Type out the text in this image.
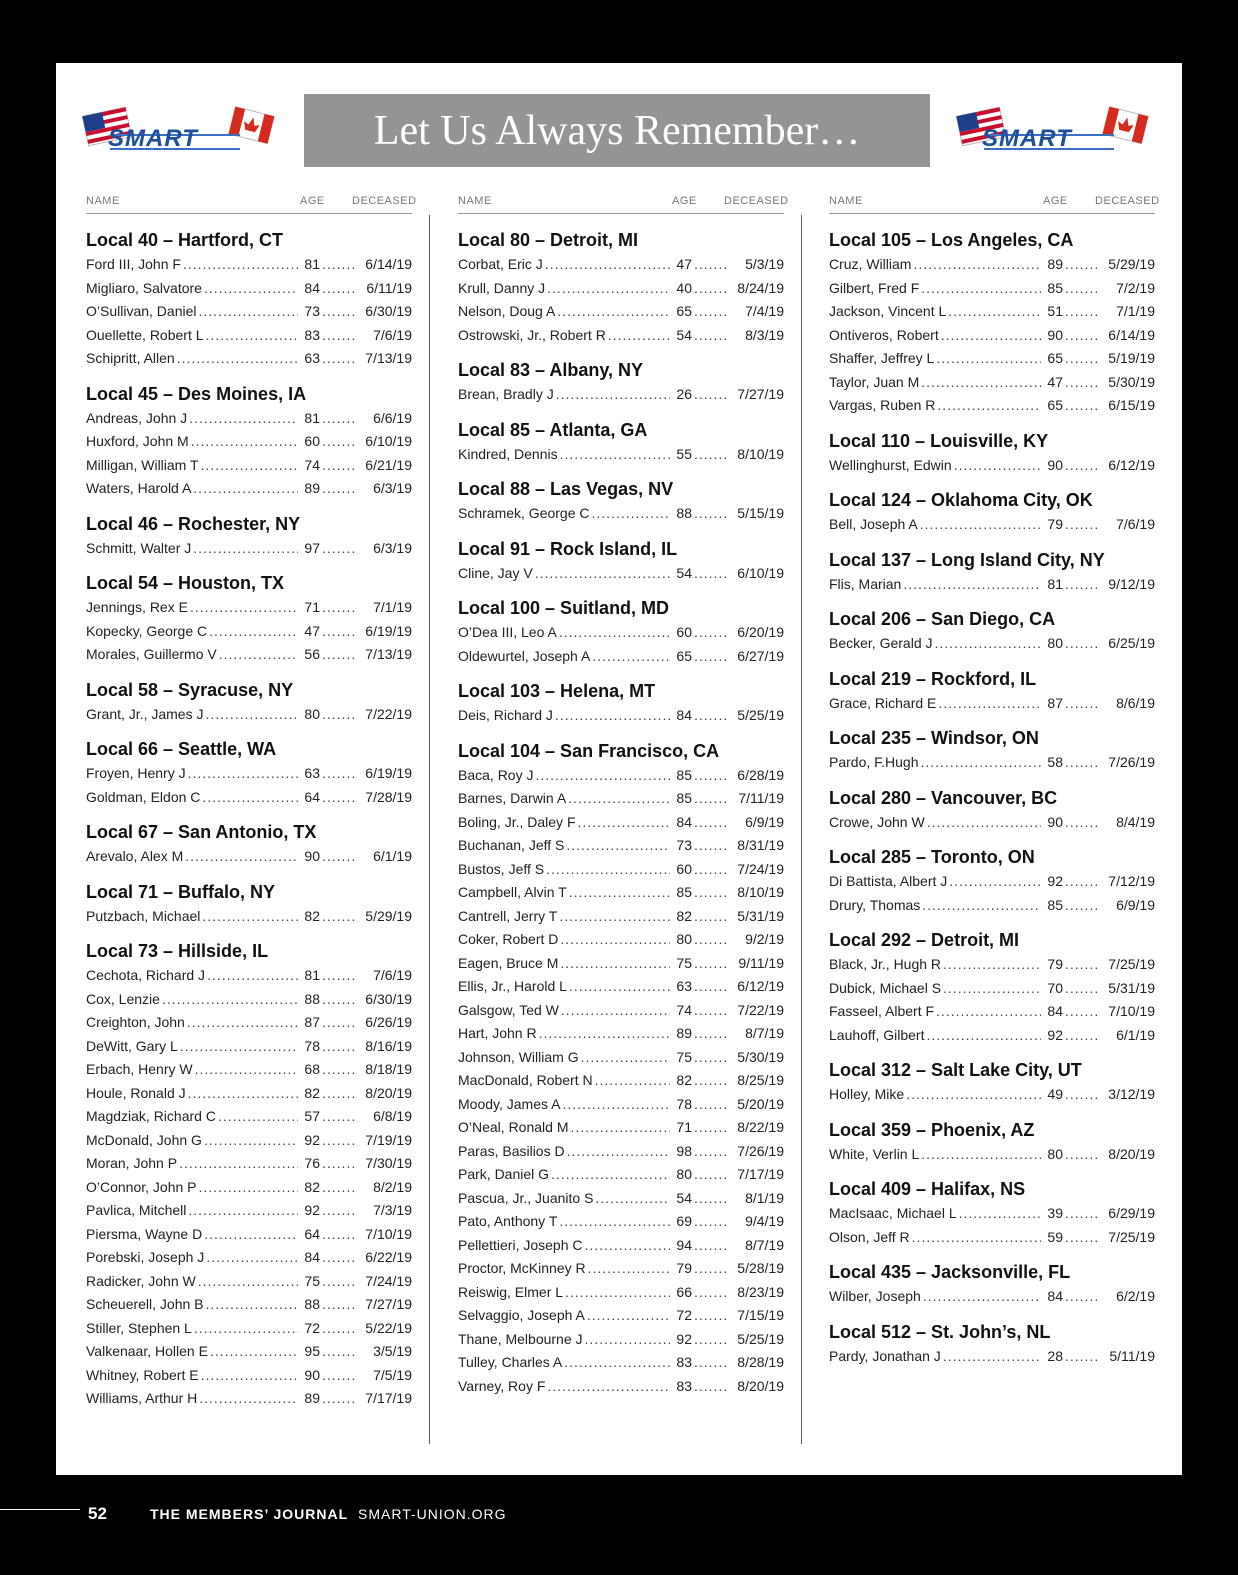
SMART	Let Us Always Remember…	SMART
NAME	AGE DECEASED
Local 40 – Hartford, CT
Ford III, John F .....	81 .....	6/14/19
Migliaro, Salvatore .....	84 .....	6/11/19
O’Sullivan, Daniel .....	73 .....	6/30/19
Ouellette, Robert L .....	83 .....	7/6/19
Schipritt, Allen .....	63 .....	7/13/19
Local 45 – Des Moines, IA
Andreas, John J .....	81 .....	6/6/19
Huxford, John M .....	60 .....	6/10/19
Milligan, William T .....	74 .....	6/21/19
Waters, Harold A .....	89 .....	6/3/19
Local 46 – Rochester, NY
Schmitt, Walter J .....	97 .....	6/3/19
Local 54 – Houston, TX
Jennings, Rex E .....	71 .....	7/1/19
Kopecky, George C .....	47 .....	6/19/19
Morales, Guillermo V .....	56 .....	7/13/19
Local 58 – Syracuse, NY
Grant, Jr., James J .....	80 .....	7/22/19
Local 66 – Seattle, WA
Froyen, Henry J .....	63 .....	6/19/19
Goldman, Eldon C .....	64 .....	7/28/19
Local 67 – San Antonio, TX
Arevalo, Alex M .....	90 .....	6/1/19
Local 71 – Buffalo, NY
Putzbach, Michael .....	82 .....	5/29/19
Local 73 – Hillside, IL
Cechota, Richard J .....	81 .....	7/6/19
Cox, Lenzie .....	88 .....	6/30/19
Creighton, John .....	87 .....	6/26/19
DeWitt, Gary L .....	78 .....	8/16/19
Erbach, Henry W .....	68 .....	8/18/19
Houle, Ronald J .....	82 .....	8/20/19
Magdziak, Richard C .....	57 .....	6/8/19
McDonald, John G .....	92 .....	7/19/19
Moran, John P .....	76 .....	7/30/19
O’Connor, John P .....	82 .....	8/2/19
Pavlica, Mitchell .....	92 .....	7/3/19
Piersma, Wayne D .....	64 .....	7/10/19
Porebski, Joseph J .....	84 .....	6/22/19
Radicker, John W .....	75 .....	7/24/19
Scheuerell, John B .....	88 .....	7/27/19
Stiller, Stephen L .....	72 .....	5/22/19
Valkenaar, Hollen E .....	95 .....	3/5/19
Whitney, Robert E .....	90 .....	7/5/19
Williams, Arthur H .....	89 .....	7/17/19
NAME	AGE DECEASED
Local 80 – Detroit, MI
Corbat, Eric J .....	47 .....	5/3/19
Krull, Danny J .....	40 .....	8/24/19
Nelson, Doug A .....	65 .....	7/4/19
Ostrowski, Jr., Robert R .....	54 .....	8/3/19
Local 83 – Albany, NY
Brean, Bradly J .....	26 .....	7/27/19
Local 85 – Atlanta, GA
Kindred, Dennis .....	55 .....	8/10/19
Local 88 – Las Vegas, NV
Schramek, George C .....	88 .....	5/15/19
Local 91 – Rock Island, IL
Cline, Jay V .....	54 .....	6/10/19
Local 100 – Suitland, MD
O’Dea III, Leo A .....	60 .....	6/20/19
Oldewurtel, Joseph A .....	65 .....	6/27/19
Local 103 – Helena, MT
Deis, Richard J .....	84 .....	5/25/19
Local 104 – San Francisco, CA
Baca, Roy J .....	85 .....	6/28/19
Barnes, Darwin A .....	85 .....	7/11/19
Boling, Jr., Daley F .....	84 .....	6/9/19
Buchanan, Jeff S .....	73 .....	8/31/19
Bustos, Jeff S .....	60 .....	7/24/19
Campbell, Alvin T .....	85 .....	8/10/19
Cantrell, Jerry T .....	82 .....	5/31/19
Coker, Robert D .....	80 .....	9/2/19
Eagen, Bruce M .....	75 .....	9/11/19
Ellis, Jr., Harold L .....	63 .....	6/12/19
Galsgow, Ted W .....	74 .....	7/22/19
Hart, John R .....	89 .....	8/7/19
Johnson, William G .....	75 .....	5/30/19
MacDonald, Robert N .....	82 .....	8/25/19
Moody, James A .....	78 .....	5/20/19
O’Neal, Ronald M .....	71 .....	8/22/19
Paras, Basilios D .....	98 .....	7/26/19
Park, Daniel G .....	80 .....	7/17/19
Pascua, Jr., Juanito S .....	54 .....	8/1/19
Pato, Anthony T .....	69 .....	9/4/19
Pellettieri, Joseph C .....	94 .....	8/7/19
Proctor, McKinney R .....	79 .....	5/28/19
Reiswig, Elmer L .....	66 .....	8/23/19
Selvaggio, Joseph A .....	72 .....	7/15/19
Thane, Melbourne J .....	92 .....	5/25/19
Tulley, Charles A .....	83 .....	8/28/19
Varney, Roy F .....	83 .....	8/20/19
NAME	AGE DECEASED
Local 105 – Los Angeles, CA
Cruz, William .....	89 .....	5/29/19
Gilbert, Fred F .....	85 .....	7/2/19
Jackson, Vincent L .....	51 .....	7/1/19
Ontiveros, Robert .....	90 .....	6/14/19
Shaffer, Jeffrey L .....	65 .....	5/19/19
Taylor, Juan M .....	47 .....	5/30/19
Vargas, Ruben R .....	65 .....	6/15/19
Local 110 – Louisville, KY
Wellinghurst, Edwin .....	90 .....	6/12/19
Local 124 – Oklahoma City, OK
Bell, Joseph A .....	79 .....	7/6/19
Local 137 – Long Island City, NY
Flis, Marian .....	81 .....	9/12/19
Local 206 – San Diego, CA
Becker, Gerald J .....	80 .....	6/25/19
Local 219 – Rockford, IL
Grace, Richard E .....	87 .....	8/6/19
Local 235 – Windsor, ON
Pardo, F.Hugh .....	58 .....	7/26/19
Local 280 – Vancouver, BC
Crowe, John W .....	90 .....	8/4/19
Local 285 – Toronto, ON
Di Battista, Albert J .....	92 .....	7/12/19
Drury, Thomas .....	85 .....	6/9/19
Local 292 – Detroit, MI
Black, Jr., Hugh R .....	79 .....	7/25/19
Dubick, Michael S .....	70 .....	5/31/19
Fasseel, Albert F .....	84 .....	7/10/19
Lauhoff, Gilbert .....	92 .....	6/1/19
Local 312 – Salt Lake City, UT
Holley, Mike .....	49 .....	3/12/19
Local 359 – Phoenix, AZ
White, Verlin L .....	80 .....	8/20/19
Local 409 – Halifax, NS
MacIsaac, Michael L .....	39 .....	6/29/19
Olson, Jeff R .....	59 .....	7/25/19
Local 435 – Jacksonville, FL
Wilber, Joseph .....	84 .....	6/2/19
Local 512 – St. John’s, NL
Pardy, Jonathan J .....	28 .....	5/11/19
52	THE MEMBERS’ JOURNAL SMART-UNION.ORG
